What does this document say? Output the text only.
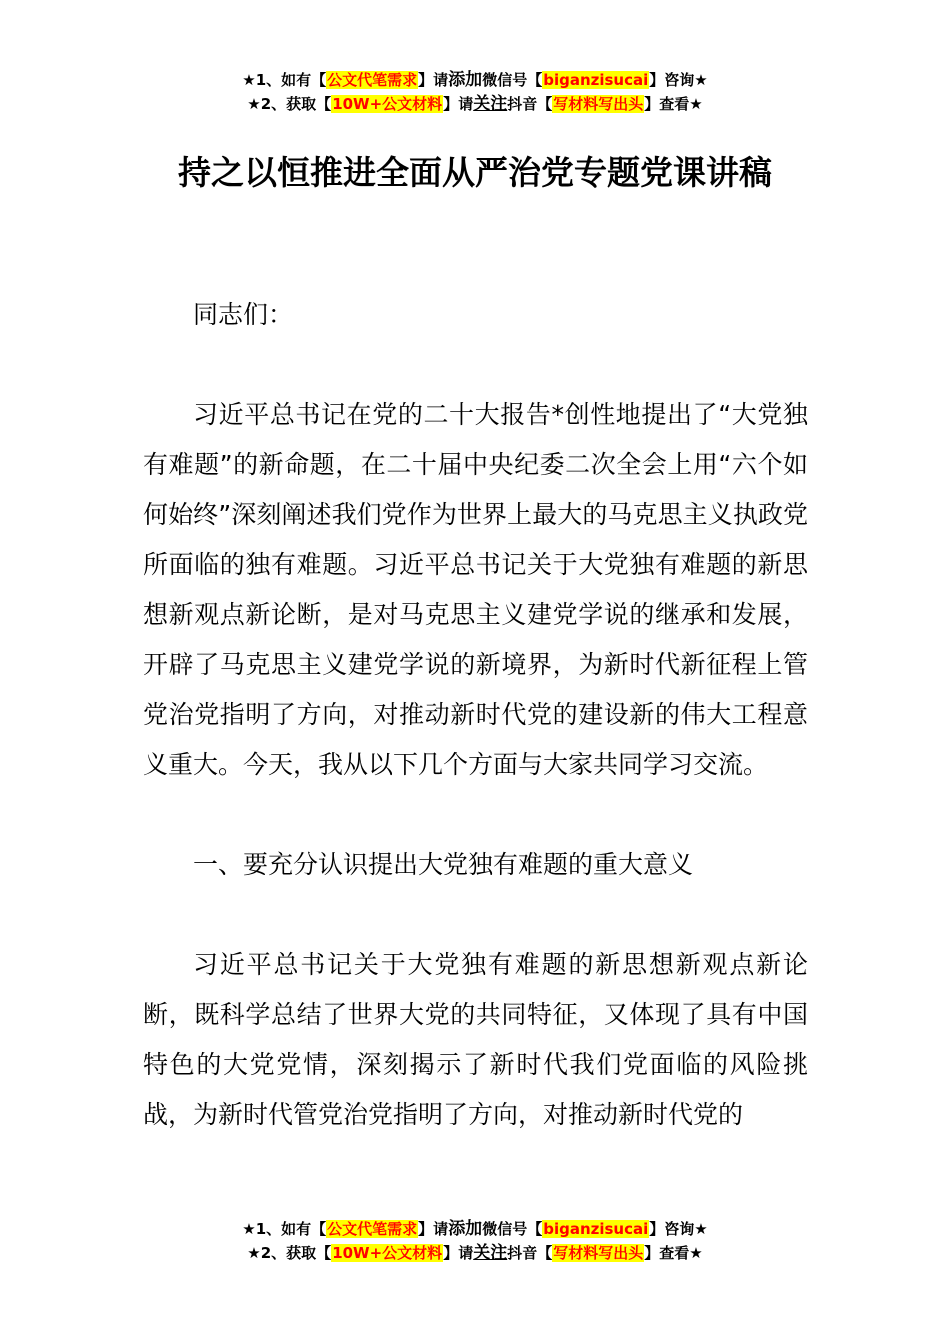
★1、如有【公文代笔需求】请添加微信号【biganzisucai】咨询★
★2、获取【10W+公文材料】请关注抖音【写材料写出头】查看★
持之以恒推进全面从严治党专题党课讲稿

同志们：

习近平总书记在党的二十大报告*创性地提出了“大党独有难题”的新命题，在二十届中央纪委二次全会上用“六个如何始终”深刻阐述我们党作为世界上最大的马克思主义执政党所面临的独有难题。习近平总书记关于大党独有难题的新思想新观点新论断，是对马克思主义建党学说的继承和发展，开辟了马克思主义建党学说的新境界，为新时代新征程上管党治党指明了方向，对推动新时代党的建设新的伟大工程意义重大。今天，我从以下几个方面与大家共同学习交流。

一、要充分认识提出大党独有难题的重大意义

习近平总书记关于大党独有难题的新思想新观点新论断，既科学总结了世界大党的共同特征，又体现了具有中国特色的大党党情，深刻揭示了新时代我们党面临的风险挑战，为新时代管党治党指明了方向，对推动新时代党的

★1、如有【公文代笔需求】请添加微信号【biganzisucai】咨询★
★2、获取【10W+公文材料】请关注抖音【写材料写出头】查看★
